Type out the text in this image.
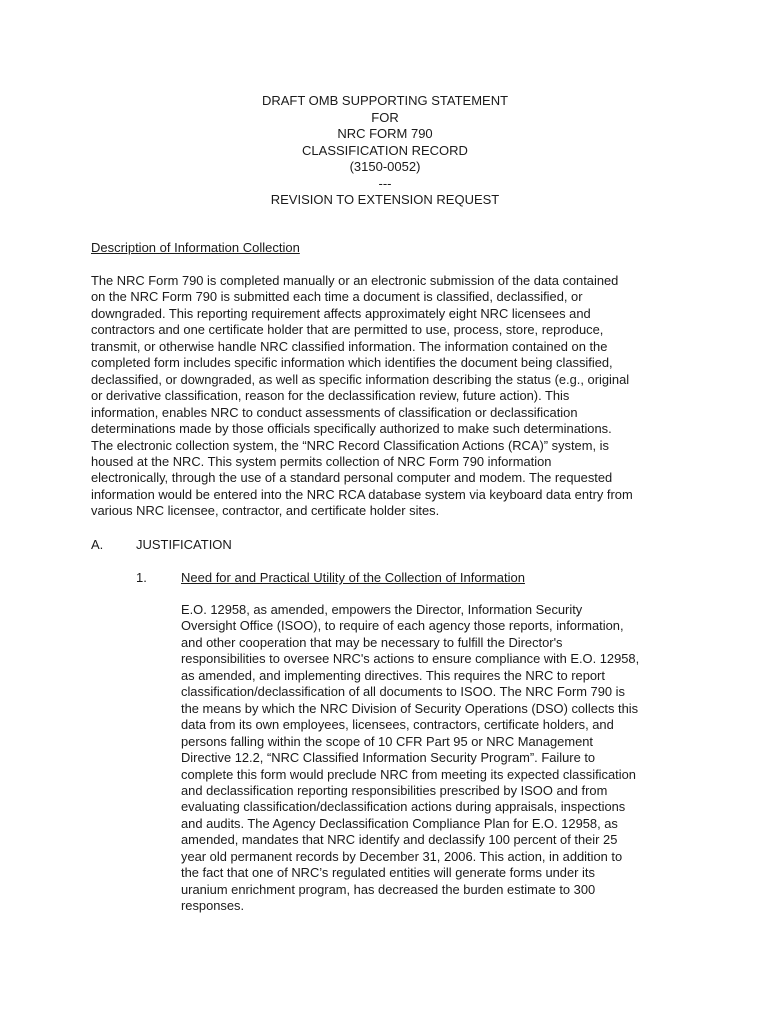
DRAFT OMB SUPPORTING STATEMENT
FOR
NRC FORM 790
CLASSIFICATION RECORD
(3150-0052)
---
REVISION TO EXTENSION REQUEST
Description of Information Collection
The NRC Form 790 is completed manually or an electronic submission of the data contained
on the NRC Form 790 is submitted each time a document is classified, declassified, or
downgraded. This reporting requirement affects approximately eight NRC licensees and
contractors and one certificate holder that are permitted to use, process, store, reproduce,
transmit, or otherwise handle NRC classified information. The information contained on the
completed form includes specific information which identifies the document being classified,
declassified, or downgraded, as well as specific information describing the status (e.g., original
or derivative classification, reason for the declassification review, future action). This
information, enables NRC to conduct assessments of classification or declassification
determinations made by those officials specifically authorized to make such determinations.
The electronic collection system, the “NRC Record Classification Actions (RCA)” system, is
housed at the NRC. This system permits collection of NRC Form 790 information
electronically, through the use of a standard personal computer and modem. The requested
information would be entered into the NRC RCA database system via keyboard data entry from
various NRC licensee, contractor, and certificate holder sites.
A.	JUSTIFICATION
1.	Need for and Practical Utility of the Collection of Information
E.O. 12958, as amended, empowers the Director, Information Security
Oversight Office (ISOO), to require of each agency those reports, information,
and other cooperation that may be necessary to fulfill the Director's
responsibilities to oversee NRC's actions to ensure compliance with E.O. 12958,
as amended, and implementing directives. This requires the NRC to report
classification/declassification of all documents to ISOO. The NRC Form 790 is
the means by which the NRC Division of Security Operations (DSO) collects this
data from its own employees, licensees, contractors, certificate holders, and
persons falling within the scope of 10 CFR Part 95 or NRC Management
Directive 12.2, “NRC Classified Information Security Program”. Failure to
complete this form would preclude NRC from meeting its expected classification
and declassification reporting responsibilities prescribed by ISOO and from
evaluating classification/declassification actions during appraisals, inspections
and audits. The Agency Declassification Compliance Plan for E.O. 12958, as
amended, mandates that NRC identify and declassify 100 percent of their 25
year old permanent records by December 31, 2006. This action, in addition to
the fact that one of NRC’s regulated entities will generate forms under its
uranium enrichment program, has decreased the burden estimate to 300
responses.
